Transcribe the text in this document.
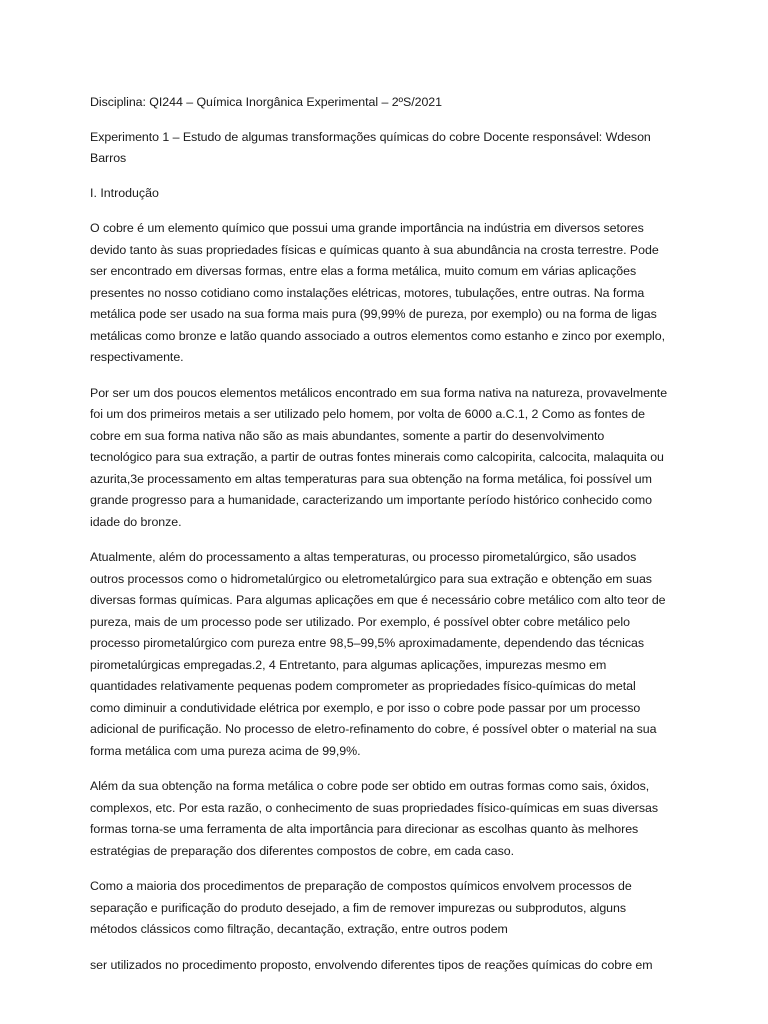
Disciplina: QI244 – Química Inorgânica Experimental – 2ºS/2021

Experimento 1 – Estudo de algumas transformações químicas do cobre Docente responsável: Wdeson Barros

I. Introdução

O cobre é um elemento químico que possui uma grande importância na indústria em diversos setores devido tanto às suas propriedades físicas e químicas quanto à sua abundância na crosta terrestre. Pode ser encontrado em diversas formas, entre elas a forma metálica, muito comum em várias aplicações presentes no nosso cotidiano como instalações elétricas, motores, tubulações, entre outras. Na forma metálica pode ser usado na sua forma mais pura (99,99% de pureza, por exemplo) ou na forma de ligas metálicas como bronze e latão quando associado a outros elementos como estanho e zinco por exemplo, respectivamente.

Por ser um dos poucos elementos metálicos encontrado em sua forma nativa na natureza, provavelmente foi um dos primeiros metais a ser utilizado pelo homem, por volta de 6000 a.C.1, 2 Como as fontes de cobre em sua forma nativa não são as mais abundantes, somente a partir do desenvolvimento tecnológico para sua extração, a partir de outras fontes minerais como calcopirita, calcocita, malaquita ou azurita,3e processamento em altas temperaturas para sua obtenção na forma metálica, foi possível um grande progresso para a humanidade, caracterizando um importante período histórico conhecido como idade do bronze.

Atualmente, além do processamento a altas temperaturas, ou processo pirometalúrgico, são usados outros processos como o hidrometalúrgico ou eletrometalúrgico para sua extração e obtenção em suas diversas formas químicas. Para algumas aplicações em que é necessário cobre metálico com alto teor de pureza, mais de um processo pode ser utilizado. Por exemplo, é possível obter cobre metálico pelo processo pirometalúrgico com pureza entre 98,5–99,5% aproximadamente, dependendo das técnicas pirometalúrgicas empregadas.2, 4 Entretanto, para algumas aplicações, impurezas mesmo em quantidades relativamente pequenas podem comprometer as propriedades físico-químicas do metal como diminuir a condutividade elétrica por exemplo, e por isso o cobre pode passar por um processo adicional de purificação. No processo de eletro-refinamento do cobre, é possível obter o material na sua forma metálica com uma pureza acima de 99,9%.

Além da sua obtenção na forma metálica o cobre pode ser obtido em outras formas como sais, óxidos, complexos, etc. Por esta razão, o conhecimento de suas propriedades físico-químicas em suas diversas formas torna-se uma ferramenta de alta importância para direcionar as escolhas quanto às melhores estratégias de preparação dos diferentes compostos de cobre, em cada caso.

Como a maioria dos procedimentos de preparação de compostos químicos envolvem processos de separação e purificação do produto desejado, a fim de remover impurezas ou subprodutos, alguns métodos clássicos como filtração, decantação, extração, entre outros podem

ser utilizados no procedimento proposto, envolvendo diferentes tipos de reações químicas do cobre em
